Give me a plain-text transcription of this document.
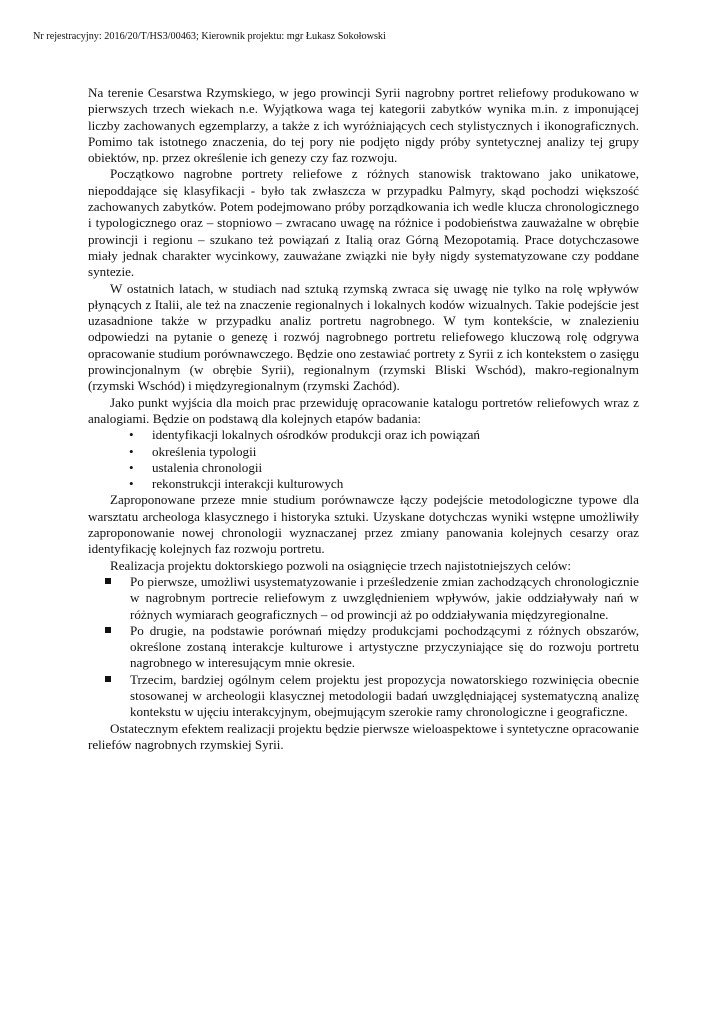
Nr rejestracyjny: 2016/20/T/HS3/00463; Kierownik projektu: mgr Łukasz Sokołowski

Na terenie Cesarstwa Rzymskiego, w jego prowincji Syrii nagrobny portret reliefowy produkowano w pierwszych trzech wiekach n.e. Wyjątkowa waga tej kategorii zabytków wynika m.in. z imponującej liczby zachowanych egzemplarzy, a także z ich wyróżniających cech stylistycznych i ikonograficznych. Pomimo tak istotnego znaczenia, do tej pory nie podjęto nigdy próby syntetycznej analizy tej grupy obiektów, np. przez określenie ich genezy czy faz rozwoju.

Początkowo nagrobne portrety reliefowe z różnych stanowisk traktowano jako unikatowe, niepoddające się klasyfikacji - było tak zwłaszcza w przypadku Palmyry, skąd pochodzi większość zachowanych zabytków. Potem podejmowano próby porządkowania ich wedle klucza chronologicznego i typologicznego oraz – stopniowo – zwracano uwagę na różnice i podobieństwa zauważalne w obrębie prowincji i regionu – szukano też powiązań z Italią oraz Górną Mezopotamią. Prace dotychczasowe miały jednak charakter wycinkowy, zauważane związki nie były nigdy systematyzowane czy poddane syntezie.

W ostatnich latach, w studiach nad sztuką rzymską zwraca się uwagę nie tylko na rolę wpływów płynących z Italii, ale też na znaczenie regionalnych i lokalnych kodów wizualnych. Takie podejście jest uzasadnione także w przypadku analiz portretu nagrobnego. W tym kontekście, w znalezieniu odpowiedzi na pytanie o genezę i rozwój nagrobnego portretu reliefowego kluczową rolę odgrywa opracowanie studium porównawczego. Będzie ono zestawiać portrety z Syrii z ich kontekstem o zasięgu prowincjonalnym (w obrębie Syrii), regionalnym (rzymski Bliski Wschód), makro-regionalnym (rzymski Wschód) i międzyregionalnym (rzymski Zachód).

Jako punkt wyjścia dla moich prac przewiduję opracowanie katalogu portretów reliefowych wraz z analogiami. Będzie on podstawą dla kolejnych etapów badania:

• identyfikacji lokalnych ośrodków produkcji oraz ich powiązań
• określenia typologii
• ustalenia chronologii
• rekonstrukcji interakcji kulturowych

Zaproponowane przeze mnie studium porównawcze łączy podejście metodologiczne typowe dla warsztatu archeologa klasycznego i historyka sztuki. Uzyskane dotychczas wyniki wstępne umożliwiły zaproponowanie nowej chronologii wyznaczanej przez zmiany panowania kolejnych cesarzy oraz identyfikację kolejnych faz rozwoju portretu.

Realizacja projektu doktorskiego pozwoli na osiągnięcie trzech najistotniejszych celów:

Po pierwsze, umożliwi usystematyzowanie i prześledzenie zmian zachodzących chronologicznie w nagrobnym portrecie reliefowym z uwzględnieniem wpływów, jakie oddziaływały nań w różnych wymiarach geograficznych – od prowincji aż po oddziaływania międzyregionalne.
Po drugie, na podstawie porównań między produkcjami pochodzącymi z różnych obszarów, określone zostaną interakcje kulturowe i artystyczne przyczyniające się do rozwoju portretu nagrobnego w interesującym mnie okresie.
Trzecim, bardziej ogólnym celem projektu jest propozycja nowatorskiego rozwinięcia obecnie stosowanej w archeologii klasycznej metodologii badań uwzględniającej systematyczną analizę kontekstu w ujęciu interakcyjnym, obejmującym szerokie ramy chronologiczne i geograficzne.

Ostatecznym efektem realizacji projektu będzie pierwsze wieloaspektowe i syntetyczne opracowanie reliefów nagrobnych rzymskiej Syrii.
